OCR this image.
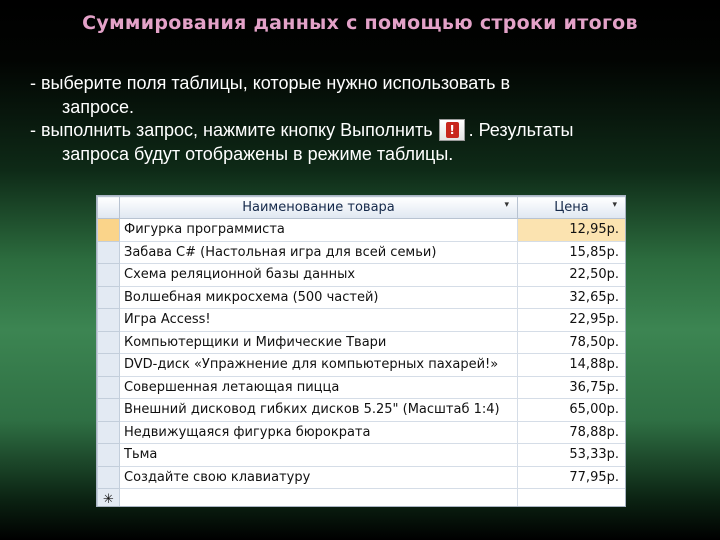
Суммирования данных с помощью строки итогов

- выберите поля таблицы, которые нужно использовать в

запросе.

- выполнить запрос, нажмите кнопку Выполнить	! . Результаты

запроса будут отображены в режиме таблицы.

	Наименование товара ▾	Цена ▾

	Фигурка программиста	12,95р.
	Забава C# (Настольная игра для всей семьи)	15,85р.
	Схема реляционной базы данных	22,50р.
	Волшебная микросхема (500 частей)	32,65р.
	Игра Access!	22,95р.
	Компьютерщики и Мифические Твари	78,50р.
	DVD-диск «Упражнение для компьютерных пахарей!»	14,88р.
	Совершенная летающая пицца	36,75р.
	Внешний дисковод гибких дисков 5.25" (Масштаб 1:4)	65,00р.
	Недвижущаяся фигурка бюрократа	78,88р.
	Тьма	53,33р.
	Создайте свою клавиатуру	77,95р.
✳		
